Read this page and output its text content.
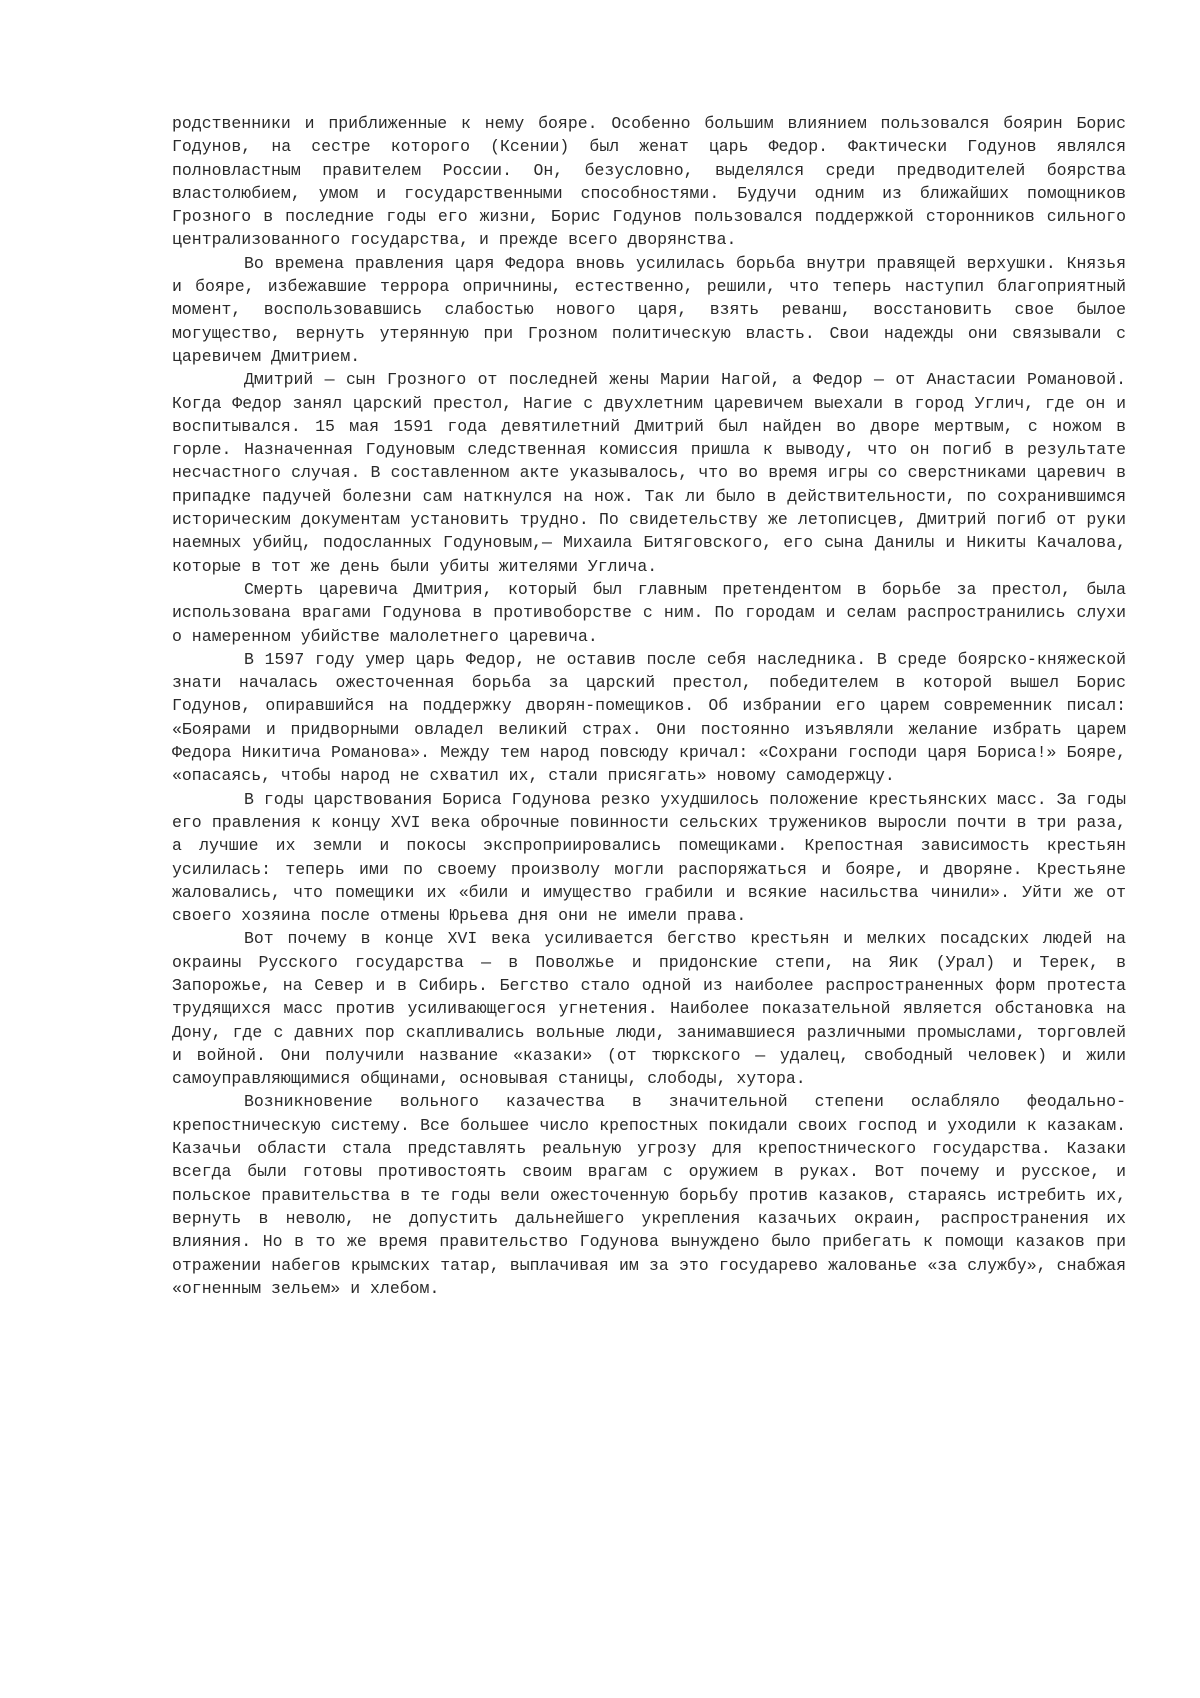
родственники и приближенные к нему бояре. Особенно большим влиянием пользовался боярин Борис Годунов, на сестре которого (Ксении) был женат царь Федор. Фактически Годунов являлся полновластным правителем России. Он, безусловно, выделялся среди предводителей боярства властолюбием, умом и государственными способностями. Будучи одним из ближайших помощников Грозного в последние годы его жизни, Борис Годунов пользовался поддержкой сторонников сильного централизованного государства, и прежде всего дворянства.

Во времена правления царя Федора вновь усилилась борьба внутри правящей верхушки. Князья и бояре, избежавшие террора опричнины, естественно, решили, что теперь наступил благоприятный момент, воспользовавшись слабостью нового царя, взять реванш, восстановить свое былое могущество, вернуть утерянную при Грозном политическую власть. Свои надежды они связывали с царевичем Дмитрием.

Дмитрий — сын Грозного от последней жены Марии Нагой, а Федор — от Анастасии Романовой. Когда Федор занял царский престол, Нагие с двухлетним царевичем выехали в город Углич, где он и воспитывался. 15 мая 1591 года девятилетний Дмитрий был найден во дворе мертвым, с ножом в горле. Назначенная Годуновым следственная комиссия пришла к выводу, что он погиб в результате несчастного случая. В составленном акте указывалось, что во время игры со сверстниками царевич в припадке падучей болезни сам наткнулся на нож. Так ли было в действительности, по сохранившимся историческим документам установить трудно. По свидетельству же летописцев, Дмитрий погиб от руки наемных убийц, подосланных Годуновым,— Михаила Битяговского, его сына Данилы и Никиты Качалова, которые в тот же день были убиты жителями Углича.

Смерть царевича Дмитрия, который был главным претендентом в борьбе за престол, была использована врагами Годунова в противоборстве с ним. По городам и селам распространились слухи о намеренном убийстве малолетнего царевича.

В 1597 году умер царь Федор, не оставив после себя наследника. В среде боярско-княжеской знати началась ожесточенная борьба за царский престол, победителем в которой вышел Борис Годунов, опиравшийся на поддержку дворян-помещиков. Об избрании его царем современник писал: «Боярами и придворными овладел великий страх. Они постоянно изъявляли желание избрать царем Федора Никитича Романова». Между тем народ повсюду кричал: «Сохрани господи царя Бориса!» Бояре, «опасаясь, чтобы народ не схватил их, стали присягать» новому самодержцу.

В годы царствования Бориса Годунова резко ухудшилось положение крестьянских масс. За годы его правления к концу XVI века оброчные повинности сельских тружеников выросли почти в три раза, а лучшие их земли и покосы экспроприировались помещиками. Крепостная зависимость крестьян усилилась: теперь ими по своему произволу могли распоряжаться и бояре, и дворяне. Крестьяне жаловались, что помещики их «били и имущество грабили и всякие насильства чинили». Уйти же от своего хозяина после отмены Юрьева дня они не имели права.

Вот почему в конце XVI века усиливается бегство крестьян и мелких посадских людей на окраины Русского государства — в Поволжье и придонские степи, на Яик (Урал) и Терек, в Запорожье, на Север и в Сибирь. Бегство стало одной из наиболее распространенных форм протеста трудящихся масс против усиливающегося угнетения. Наиболее показательной является обстановка на Дону, где с давних пор скапливались вольные люди, занимавшиеся различными промыслами, торговлей и войной. Они получили название «казаки» (от тюркского — удалец, свободный человек) и жили самоуправляющимися общинами, основывая станицы, слободы, хутора.

Возникновение вольного казачества в значительной степени ослабляло феодально-крепостническую систему. Все большее число крепостных покидали своих господ и уходили к казакам. Казачьи области стала представлять реальную угрозу для крепостнического государства. Казаки всегда были готовы противостоять своим врагам с оружием в руках. Вот почему и русское, и польское правительства в те годы вели ожесточенную борьбу против казаков, стараясь истребить их, вернуть в неволю, не допустить дальнейшего укрепления казачьих окраин, распространения их влияния. Но в то же время правительство Годунова вынуждено было прибегать к помощи казаков при отражении набегов крымских татар, выплачивая им за это государево жалованье «за службу», снабжая «огненным зельем» и хлебом.
